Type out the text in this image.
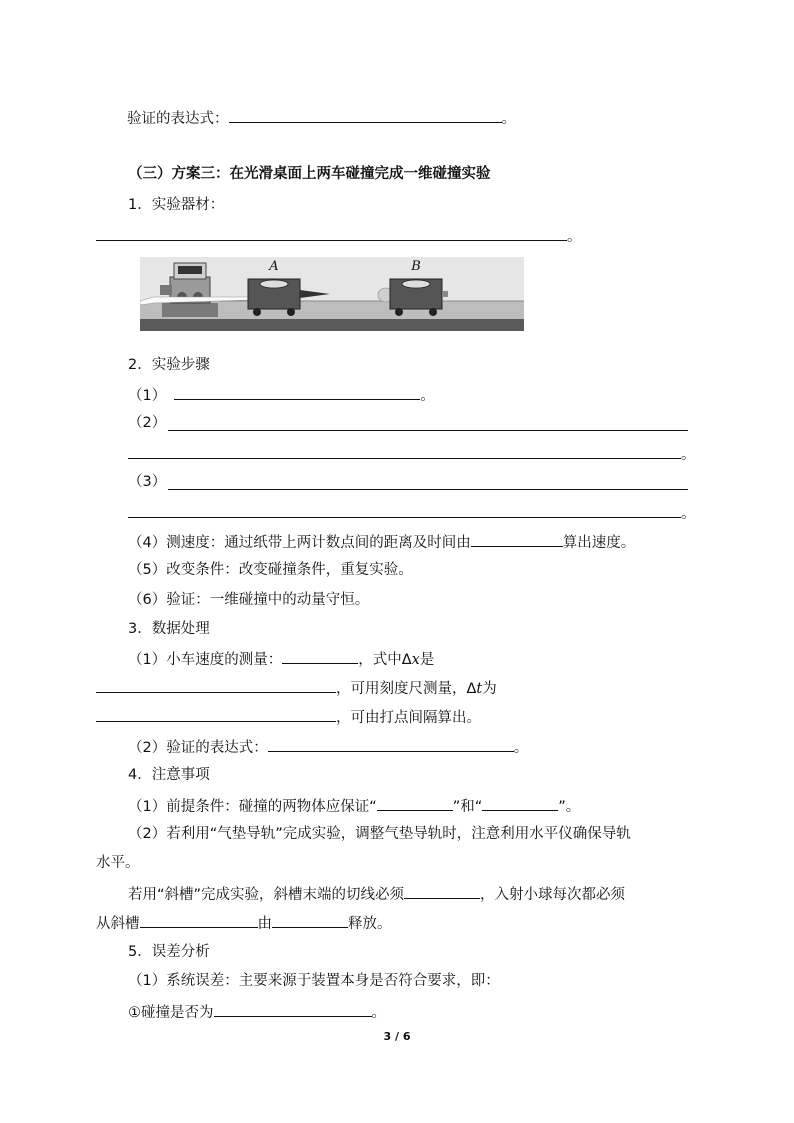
验证的表达式：	。
（三）方案三：在光滑桌面上两车碰撞完成一维碰撞实验
1．实验器材：
。
A	B
2．实验步骤
（1）	。
（2）
。
（3）
。
（4）测速度：通过纸带上两计数点间的距离及时间由	算出速度。
（5）改变条件：改变碰撞条件，重复实验。
（6）验证：一维碰撞中的动量守恒。
3．数据处理
（1）小车速度的测量：	，式中Δx是
，可用刻度尺测量，Δt为
，可由打点间隔算出。
（2）验证的表达式：	。
4．注意事项
（1）前提条件：碰撞的两物体应保证“	”和“	”。
（2）若利用“气垫导轨”完成实验，调整气垫导轨时，注意利用水平仪确保导轨
水平。
若用“斜槽”完成实验，斜槽末端的切线必须	，入射小球每次都必须
从斜槽	由	释放。
5．误差分析
（1）系统误差：主要来源于装置本身是否符合要求，即：
①碰撞是否为	。
3 / 6
